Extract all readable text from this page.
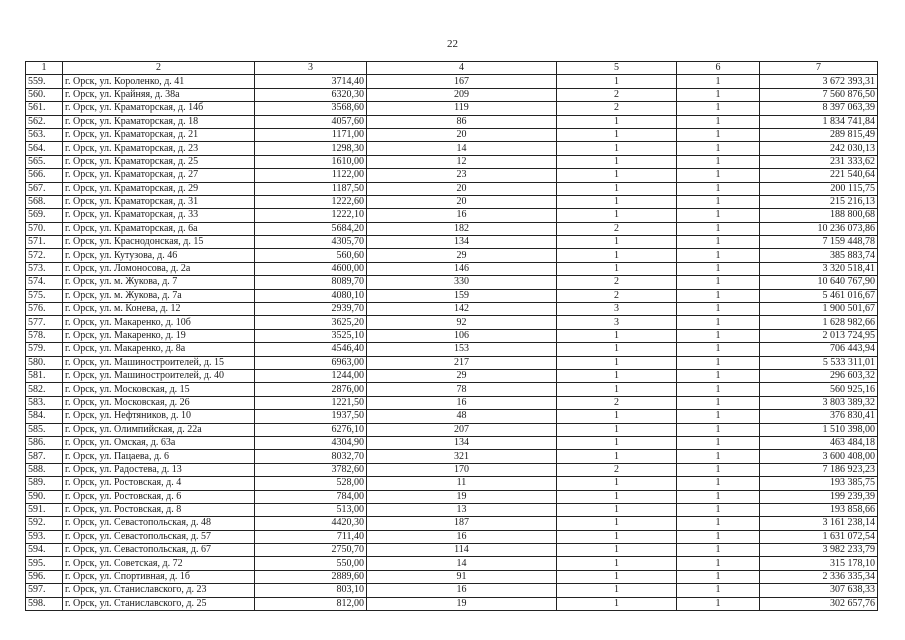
22
1	2	3	4	5	6	7
559.	г. Орск, ул. Короленко, д. 41	3714,40	167	1	1	3 672 393,31
560.	г. Орск, ул. Крайняя, д. 38а	6320,30	209	2	1	7 560 876,50
561.	г. Орск, ул. Краматорская, д. 14б	3568,60	119	2	1	8 397 063,39
562.	г. Орск, ул. Краматорская, д. 18	4057,60	86	1	1	1 834 741,84
563.	г. Орск, ул. Краматорская, д. 21	1171,00	20	1	1	289 815,49
564.	г. Орск, ул. Краматорская, д. 23	1298,30	14	1	1	242 030,13
565.	г. Орск, ул. Краматорская, д. 25	1610,00	12	1	1	231 333,62
566.	г. Орск, ул. Краматорская, д. 27	1122,00	23	1	1	221 540,64
567.	г. Орск, ул. Краматорская, д. 29	1187,50	20	1	1	200 115,75
568.	г. Орск, ул. Краматорская, д. 31	1222,60	20	1	1	215 216,13
569.	г. Орск, ул. Краматорская, д. 33	1222,10	16	1	1	188 800,68
570.	г. Орск, ул. Краматорская, д. 6а	5684,20	182	2	1	10 236 073,86
571.	г. Орск, ул. Краснодонская, д. 15	4305,70	134	1	1	7 159 448,78
572.	г. Орск, ул. Кутузова, д. 46	560,60	29	1	1	385 883,74
573.	г. Орск, ул. Ломоносова, д. 2а	4600,00	146	1	1	3 320 518,41
574.	г. Орск, ул. м. Жукова, д. 7	8089,70	330	2	1	10 640 767,90
575.	г. Орск, ул. м. Жукова, д. 7а	4080,10	159	2	1	5 461 016,67
576.	г. Орск, ул. м. Конева, д. 12	2939,70	142	3	1	1 900 501,67
577.	г. Орск, ул. Макаренко, д. 10б	3625,20	92	3	1	1 628 982,66
578.	г. Орск, ул. Макаренко, д. 19	3525,10	106	1	1	2 013 724,95
579.	г. Орск, ул. Макаренко, д. 8а	4546,40	153	1	1	706 443,94
580.	г. Орск, ул. Машиностроителей, д. 15	6963,00	217	1	1	5 533 311,01
581.	г. Орск, ул. Машиностроителей, д. 40	1244,00	29	1	1	296 603,32
582.	г. Орск, ул. Московская, д. 15	2876,00	78	1	1	560 925,16
583.	г. Орск, ул. Московская, д. 26	1221,50	16	2	1	3 803 389,32
584.	г. Орск, ул. Нефтяников, д. 10	1937,50	48	1	1	376 830,41
585.	г. Орск, ул. Олимпийская, д. 22а	6276,10	207	1	1	1 510 398,00
586.	г. Орск, ул. Омская, д. 63а	4304,90	134	1	1	463 484,18
587.	г. Орск, ул. Пацаева, д. 6	8032,70	321	1	1	3 600 408,00
588.	г. Орск, ул. Радостева, д. 13	3782,60	170	2	1	7 186 923,23
589.	г. Орск, ул. Ростовская, д. 4	528,00	11	1	1	193 385,75
590.	г. Орск, ул. Ростовская, д. 6	784,00	19	1	1	199 239,39
591.	г. Орск, ул. Ростовская, д. 8	513,00	13	1	1	193 858,66
592.	г. Орск, ул. Севастопольская, д. 48	4420,30	187	1	1	3 161 238,14
593.	г. Орск, ул. Севастопольская, д. 57	711,40	16	1	1	1 631 072,54
594.	г. Орск, ул. Севастопольская, д. 67	2750,70	114	1	1	3 982 233,79
595.	г. Орск, ул. Советская, д. 72	550,00	14	1	1	315 178,10
596.	г. Орск, ул. Спортивная, д. 1б	2889,60	91	1	1	2 336 335,34
597.	г. Орск, ул. Станиславского, д. 23	803,10	16	1	1	307 638,33
598.	г. Орск, ул. Станиславского, д. 25	812,00	19	1	1	302 657,76
